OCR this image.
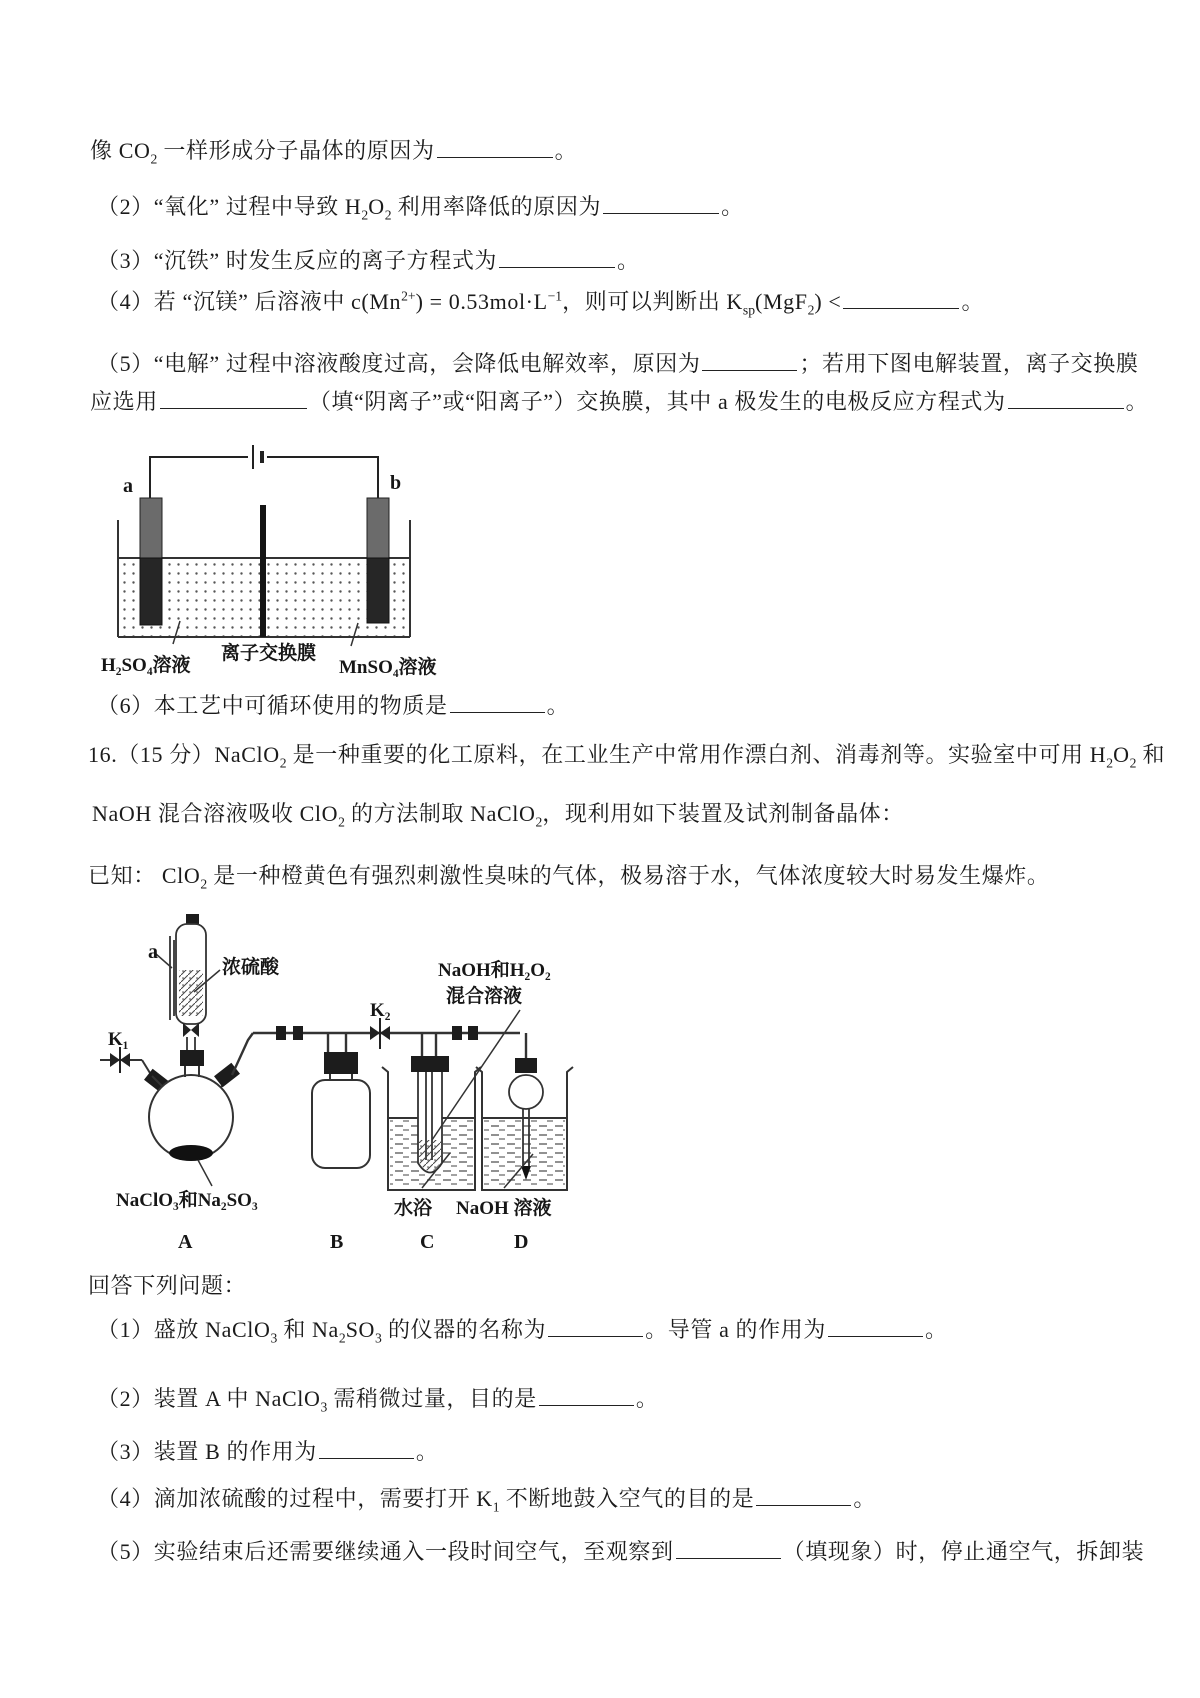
像 $CO_2$ 一样形成分子晶体的原因为	。
（2）“氧化” 过程中导致 $H_2O_2$ 利用率降低的原因为	。
（3）“沉铁” 时发生反应的离子方程式为	。
（4）若 “沉镁” 后溶液中 $c(Mn^{2+}) = 0.53mol\cdot L^{-1}$，则可以判断出 $K_{sp}(MgF_2)$ <	。
（5）“电解” 过程中溶液酸度过高，会降低电解效率，原因为	；若用下图电解装置，离子交换膜
应选用	（填“阴离子”或“阳离子”）交换膜，其中 a 极发生的电极反应方程式为	。
（6）本工艺中可循环使用的物质是	。
16.（15 分）NaClO$_2$ 是一种重要的化工原料，在工业生产中常用作漂白剂、消毒剂等。实验室中可用 $H_2O_2$ 和
NaOH 混合溶液吸收 ClO$_2$ 的方法制取 NaClO$_2$，现利用如下装置及试剂制备晶体：
已知： ClO$_2$ 是一种橙黄色有强烈刺激性臭味的气体，极易溶于水，气体浓度较大时易发生爆炸。
回答下列问题：
（1）盛放 NaClO$_3$ 和 $Na_2SO_3$ 的仪器的名称为	。导管 a 的作用为	。
（2）装置 A 中 NaClO$_3$ 需稍微过量，目的是	。
（3）装置 B 的作用为	。
（4）滴加浓硫酸的过程中，需要打开 $K_1$ 不断地鼓入空气的目的是	。
（5）实验结束后还需要继续通入一段时间空气，至观察到	（填现象）时，停止通空气，拆卸装
a	b
H₂SO₄溶液
离子交换膜
MnSO₄溶液
a
浓硫酸
K₁
K₂
NaOH和H₂O₂
混合溶液
NaClO₃和Na₂SO₃	水浴 NaOH 溶液
A	B	C	D
